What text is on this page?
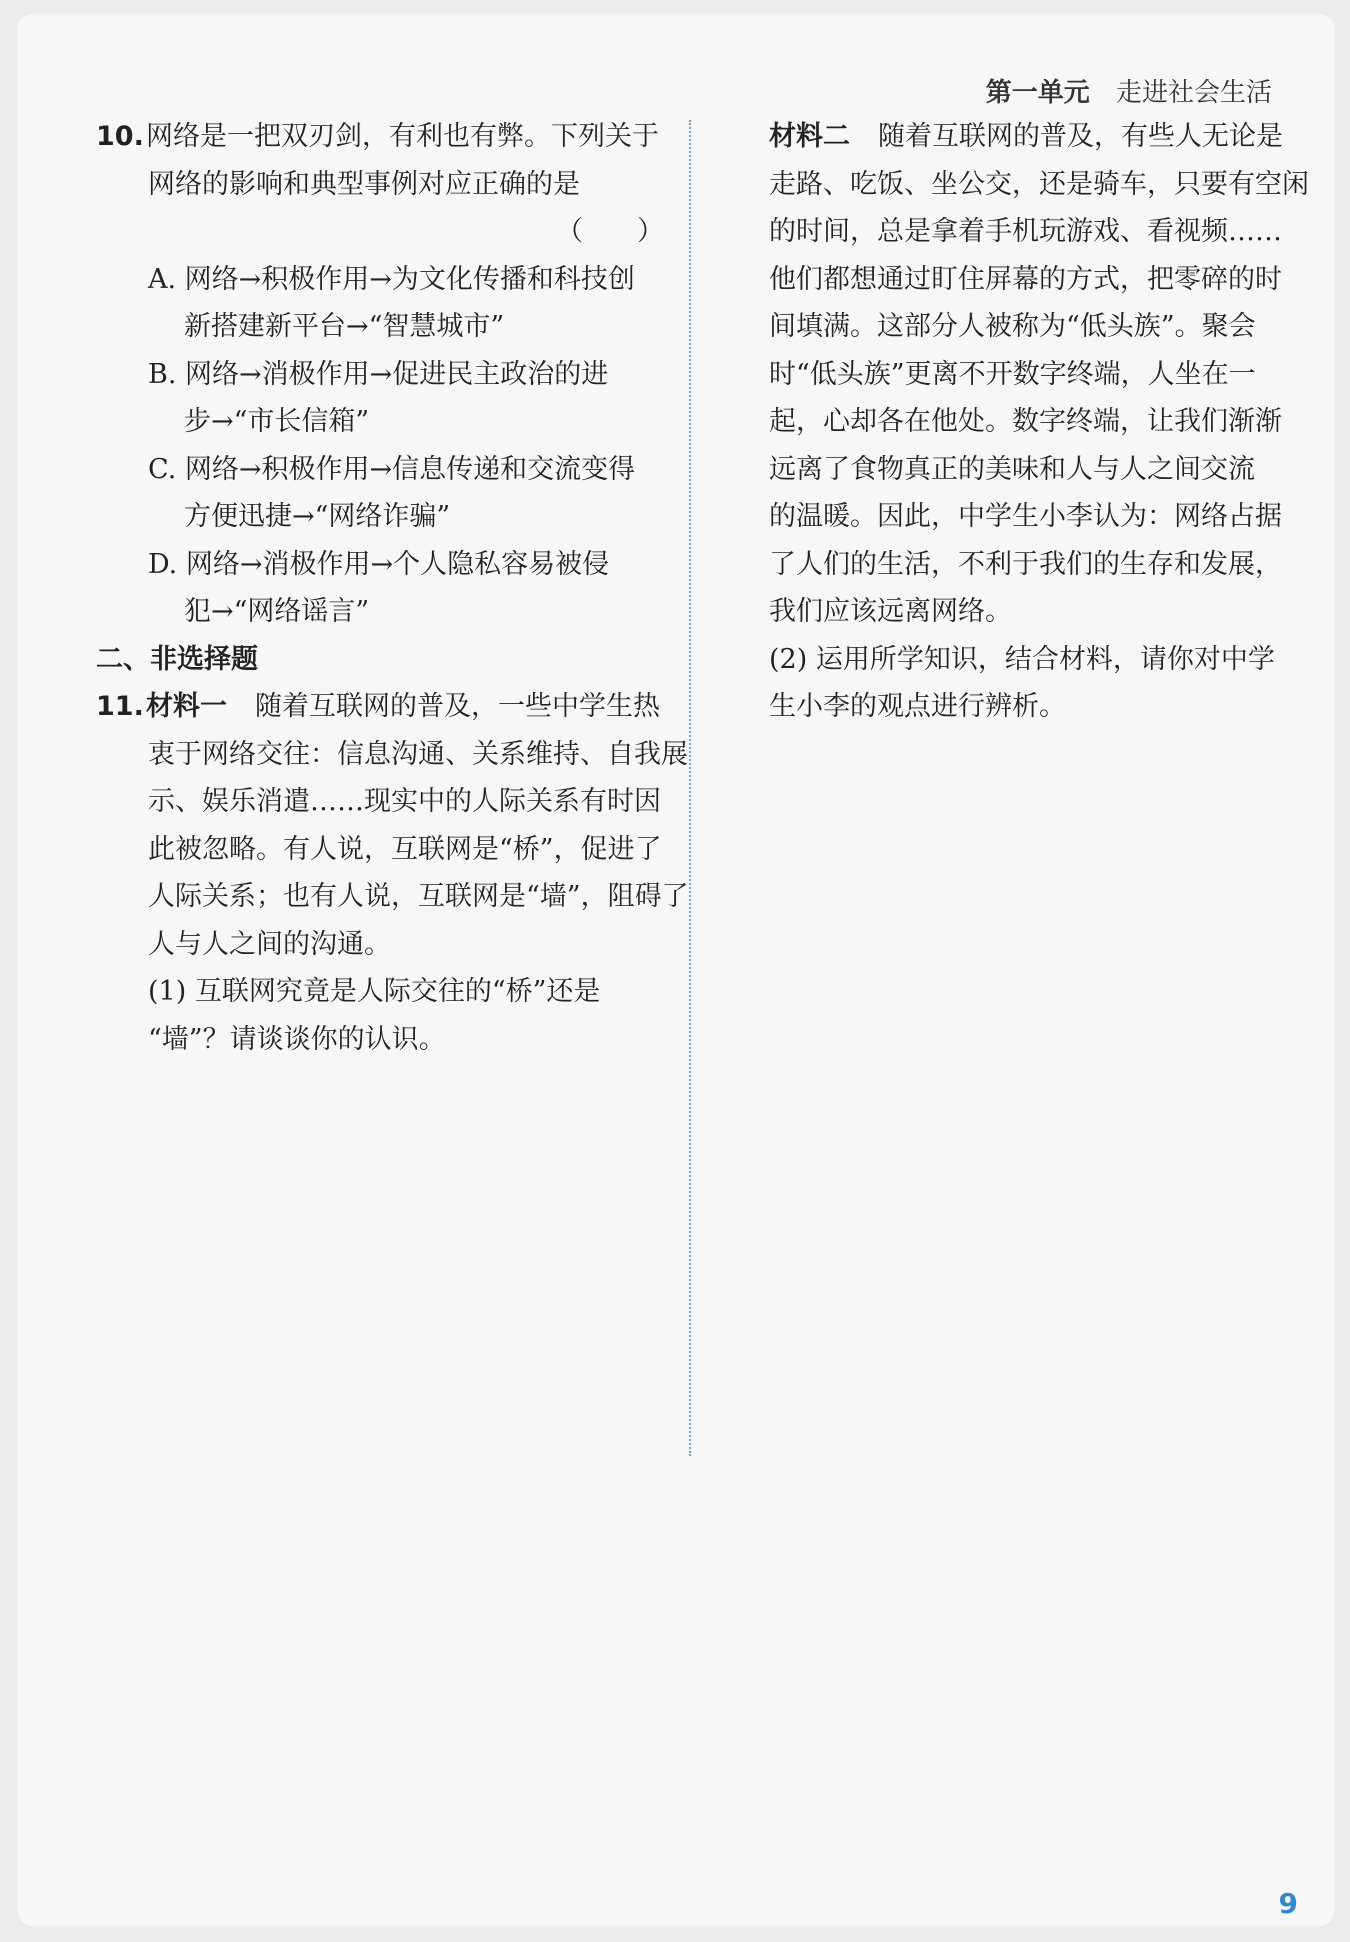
第一单元 走进社会生活
10.网络是一把双刃剑，有利也有弊。下列关于
网络的影响和典型事例对应正确的是
（　　）
A. 网络→积极作用→为文化传播和科技创
新搭建新平台→“智慧城市”
B. 网络→消极作用→促进民主政治的进
步→“市长信箱”
C. 网络→积极作用→信息传递和交流变得
方便迅捷→“网络诈骗”
D. 网络→消极作用→个人隐私容易被侵
犯→“网络谣言”
二、非选择题
11.材料一 随着互联网的普及，一些中学生热
衷于网络交往：信息沟通、关系维持、自我展
示、娱乐消遣……现实中的人际关系有时因
此被忽略。有人说，互联网是“桥”，促进了
人际关系；也有人说，互联网是“墙”，阻碍了
人与人之间的沟通。
(1) 互联网究竟是人际交往的“桥”还是
“墙”？请谈谈你的认识。
材料二 随着互联网的普及，有些人无论是
走路、吃饭、坐公交，还是骑车，只要有空闲
的时间，总是拿着手机玩游戏、看视频……
他们都想通过盯住屏幕的方式，把零碎的时
间填满。这部分人被称为“低头族”。聚会
时“低头族”更离不开数字终端，人坐在一
起，心却各在他处。数字终端，让我们渐渐
远离了食物真正的美味和人与人之间交流
的温暖。因此，中学生小李认为：网络占据
了人们的生活，不利于我们的生存和发展，
我们应该远离网络。
(2) 运用所学知识，结合材料，请你对中学
生小李的观点进行辨析。
9
